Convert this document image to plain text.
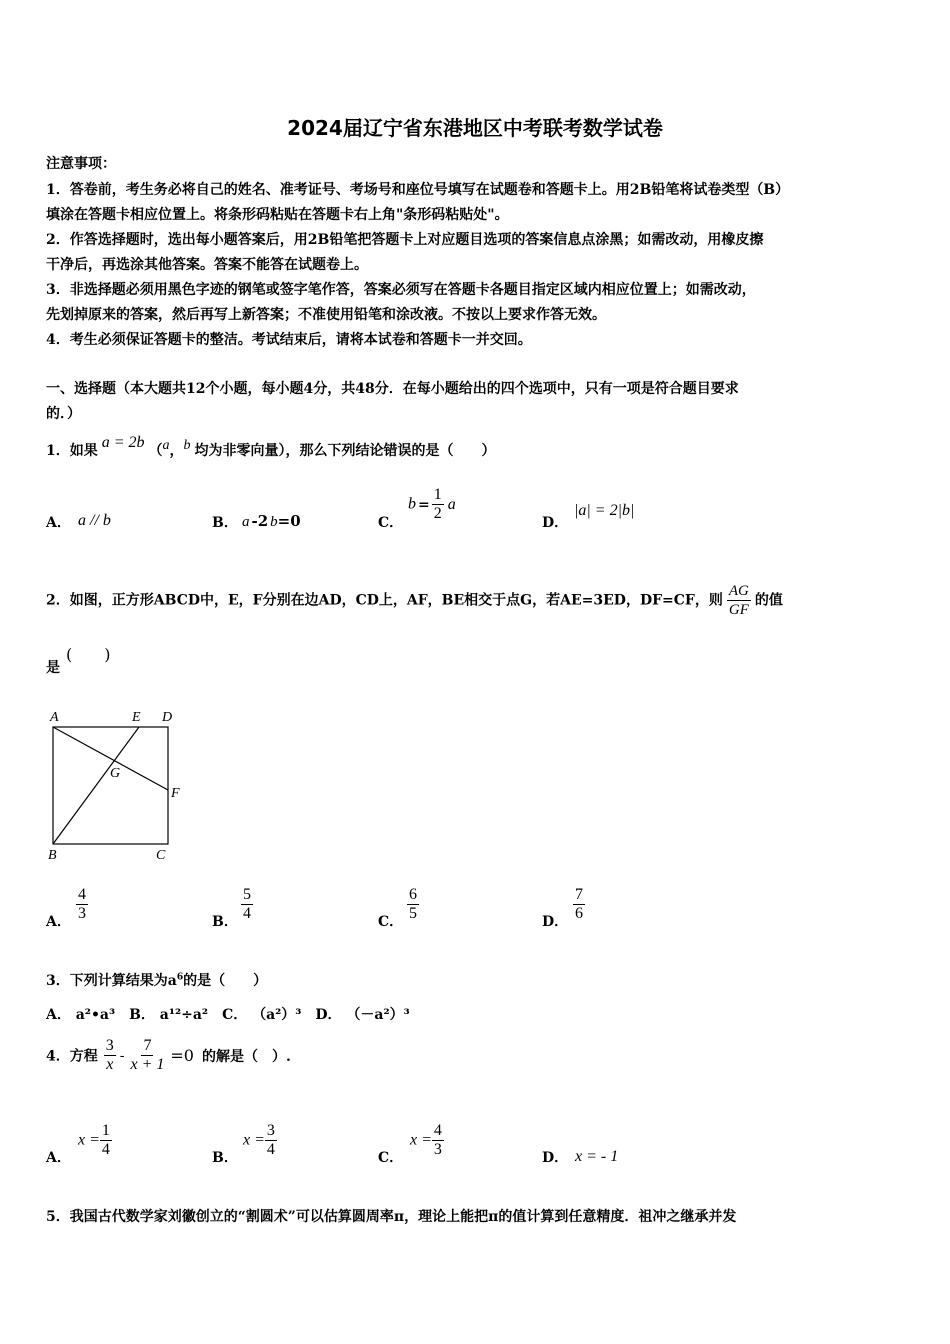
2024届辽宁省东港地区中考联考数学试卷
注意事项：
1．答卷前，考生务必将自己的姓名、准考证号、考场号和座位号填写在试题卷和答题卡上。用2B铅笔将试卷类型（B）
填涂在答题卡相应位置上。将条形码粘贴在答题卡右上角"条形码粘贴处"。
2．作答选择题时，选出每小题答案后，用2B铅笔把答题卡上对应题目选项的答案信息点涂黑；如需改动，用橡皮擦
干净后，再选涂其他答案。答案不能答在试题卷上。
3．非选择题必须用黑色字迹的钢笔或签字笔作答，答案必须写在答题卡各题目指定区域内相应位置上；如需改动，
先划掉原来的答案，然后再写上新答案；不准使用铅笔和涂改液。不按以上要求作答无效。
4．考生必须保证答题卡的整洁。考试结束后，请将本试卷和答题卡一并交回。
一、选择题（本大题共12个小题，每小题4分，共48分．在每小题给出的四个选项中，只有一项是符合题目要求
的．）
1．如果 a = 2b （a，b 均为非零向量），那么下列结论错误的是（　　）
A． a // b	B． a -2 b=0	C．
$b = \frac{1}{2}$ a
D．
|a| = 2|b|
2．如图，正方形ABCD中，E，F分别在边AD，CD上，AF，BE相交于点G，若AE=3ED，DF=CF，则 $\frac{AG}{GF}$ 的值
是
(　　)
A	E D
G
F
B	C
A． $\frac{4}{3}$	B． $\frac{5}{4}$	C． $\frac{6}{5}$	D． $\frac{7}{6}$
3．下列计算结果为$a^6$的是（　　）
A． a²•a³　B． a¹²÷a²　C． （a²）³　D． （－a²）³
4．方程 $\frac{3}{x} - \frac{7}{x + 1} =0$ 的解是（　）.
A．
$x = \frac{1}{4}$	B．
$x = \frac{3}{4}$	C．
$x = \frac{4}{3}$	D． x = - 1
5．我国古代数学家刘徽创立的“割圆术”可以估算圆周率π，理论上能把π的值计算到任意精度．祖冲之继承并发
